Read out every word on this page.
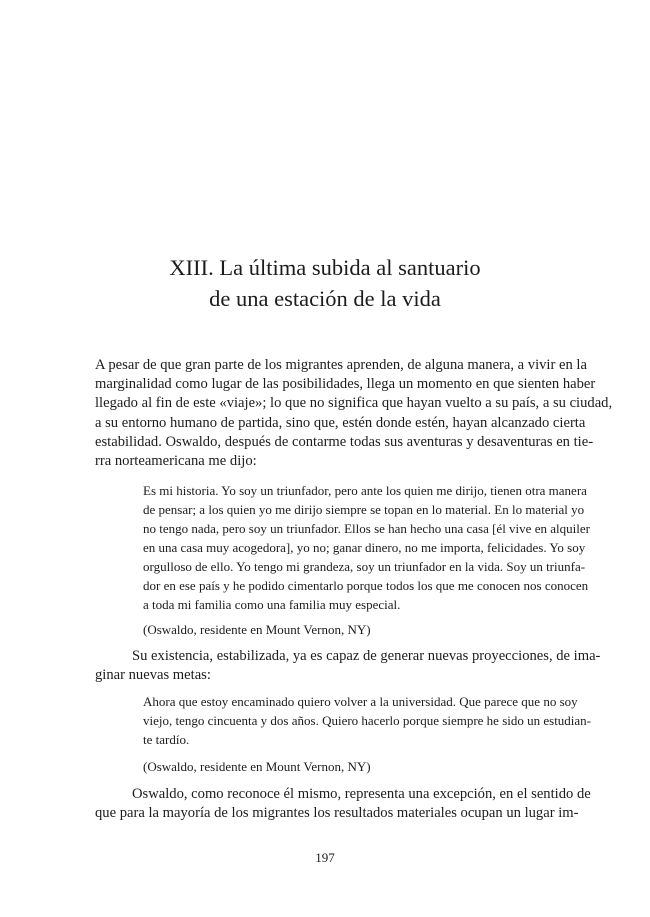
XIII. La última subida al santuario
de una estación de la vida
A pesar de que gran parte de los migrantes aprenden, de alguna manera, a vivir en la
marginalidad como lugar de las posibilidades, llega un momento en que sienten haber
llegado al fin de este «viaje»; lo que no significa que hayan vuelto a su país, a su ciudad,
a su entorno humano de partida, sino que, estén donde estén, hayan alcanzado cierta
estabilidad. Oswaldo, después de contarme todas sus aventuras y desaventuras en tie-
rra norteamericana me dijo:
Es mi historia. Yo soy un triunfador, pero ante los quien me dirijo, tienen otra manera
de pensar; a los quien yo me dirijo siempre se topan en lo material. En lo material yo
no tengo nada, pero soy un triunfador. Ellos se han hecho una casa [él vive en alquiler
en una casa muy acogedora], yo no; ganar dinero, no me importa, felicidades. Yo soy
orgulloso de ello. Yo tengo mi grandeza, soy un triunfador en la vida. Soy un triunfa-
dor en ese país y he podido cimentarlo porque todos los que me conocen nos conocen
a toda mi familia como una familia muy especial.
(Oswaldo, residente en Mount Vernon, NY)
Su existencia, estabilizada, ya es capaz de generar nuevas proyecciones, de ima-
ginar nuevas metas:
Ahora que estoy encaminado quiero volver a la universidad. Que parece que no soy
viejo, tengo cincuenta y dos años. Quiero hacerlo porque siempre he sido un estudian-
te tardío.
(Oswaldo, residente en Mount Vernon, NY)
Oswaldo, como reconoce él mismo, representa una excepción, en el sentido de
que para la mayoría de los migrantes los resultados materiales ocupan un lugar im-
197
